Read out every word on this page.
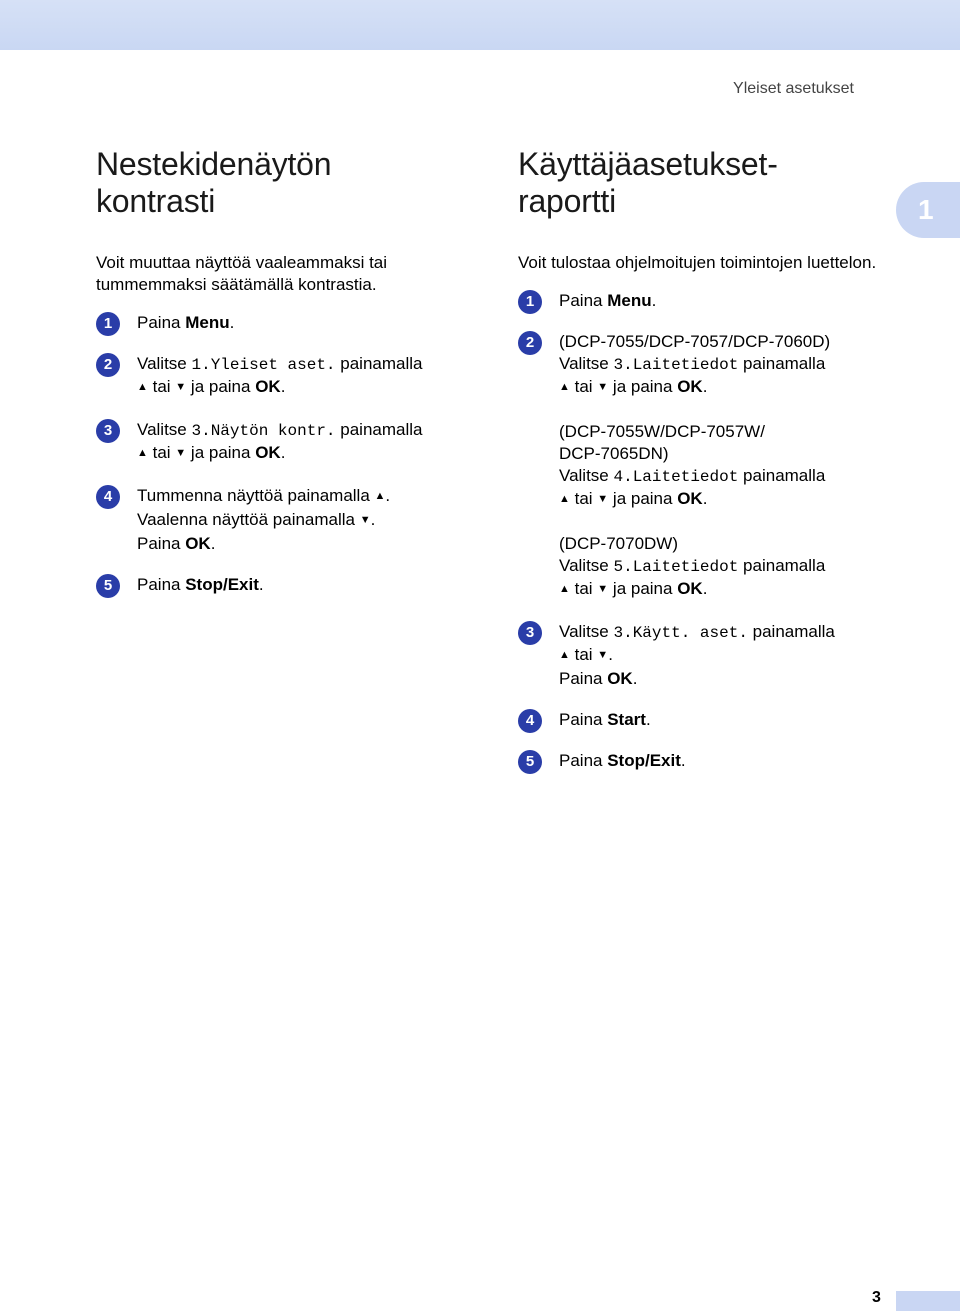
Yleiset asetukset
1
Nestekidenäytön
kontrasti

Voit muuttaa näyttöä vaaleammaksi tai tummemmaksi säätämällä kontrastia.

1	Paina Menu.
2	Valitse 1.Yleiset aset. painamalla
▲ tai ▼ ja paina OK.
3	Valitse 3.Näytön kontr. painamalla
▲ tai ▼ ja paina OK.
4	Tummenna näyttöä painamalla ▲.
Vaalenna näyttöä painamalla ▼.
Paina OK.
5	Paina Stop/Exit.
Käyttäjäasetukset-
raportti

Voit tulostaa ohjelmoitujen toimintojen luettelon.

1	Paina Menu.
2	(DCP-7055/DCP-7057/DCP-7060D)
Valitse 3.Laitetiedot painamalla
▲ tai ▼ ja paina OK.
(DCP-7055W/DCP-7057W/
DCP-7065DN)
Valitse 4.Laitetiedot painamalla
▲ tai ▼ ja paina OK.
(DCP-7070DW)
Valitse 5.Laitetiedot painamalla
▲ tai ▼ ja paina OK.
3	Valitse 3.Käytt. aset. painamalla
▲ tai ▼.
Paina OK.
4	Paina Start.
5	Paina Stop/Exit.
3
